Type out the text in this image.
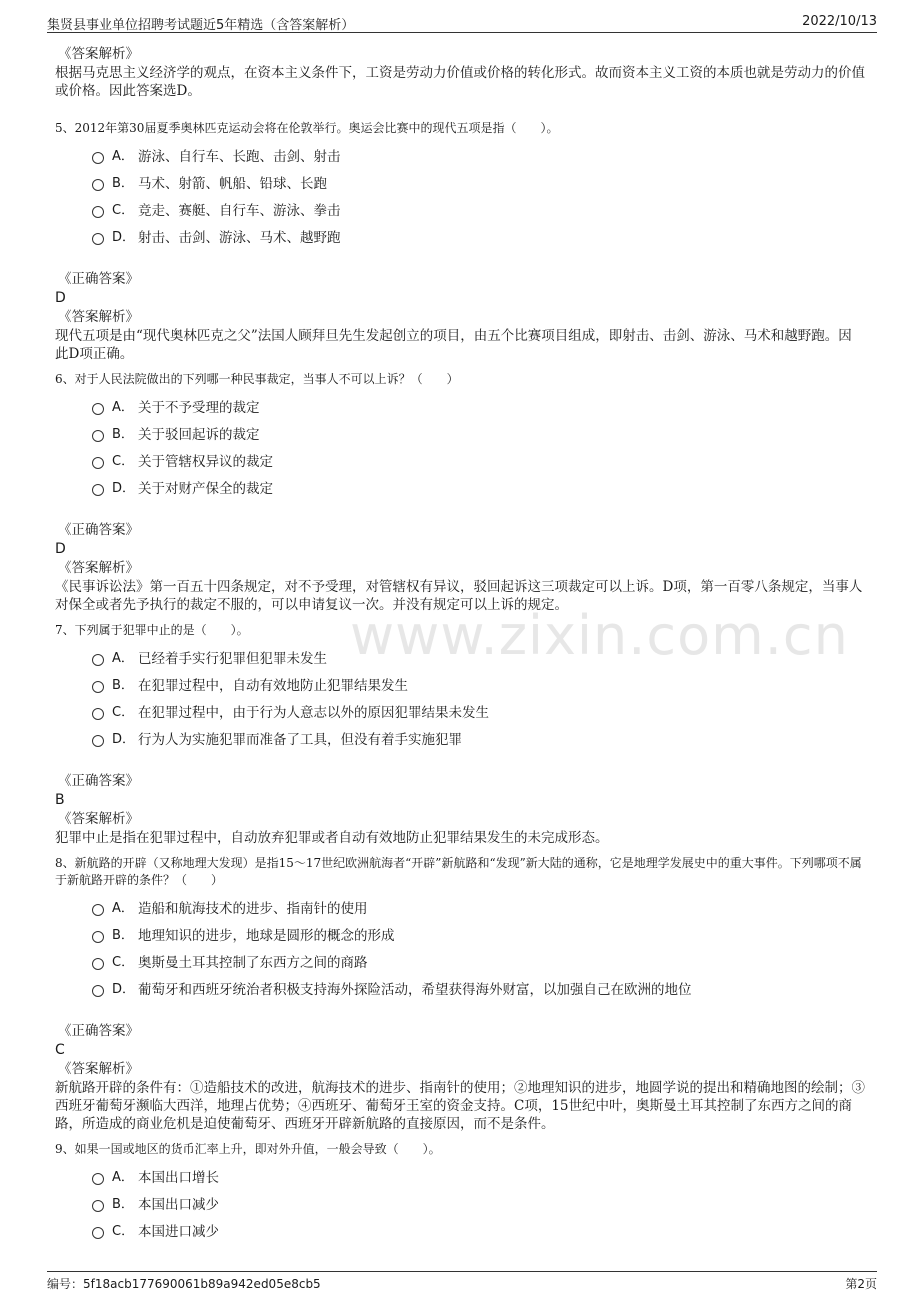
集贤县事业单位招聘考试题近5年精选（含答案解析）	2022/10/13
www.zixin.com.cn
《答案解析》
根据马克思主义经济学的观点，在资本主义条件下，工资是劳动力价值或价格的转化形式。故而资本主义工资的本质也就是劳动力的价值或价格。因此答案选D。
5、2012年第30届夏季奥林匹克运动会将在伦敦举行。奥运会比赛中的现代五项是指（　　）。
A． 游泳、自行车、长跑、击剑、射击
B． 马术、射箭、帆船、铅球、长跑
C． 竞走、赛艇、自行车、游泳、拳击
D． 射击、击剑、游泳、马术、越野跑
《正确答案》
D
《答案解析》
现代五项是由“现代奥林匹克之父”法国人顾拜旦先生发起创立的项目，由五个比赛项目组成，即射击、击剑、游泳、马术和越野跑。因此D项正确。
6、对于人民法院做出的下列哪一种民事裁定，当事人不可以上诉？（　　）
A． 关于不予受理的裁定
B． 关于驳回起诉的裁定
C． 关于管辖权异议的裁定
D． 关于对财产保全的裁定
《正确答案》
D
《答案解析》
《民事诉讼法》第一百五十四条规定，对不予受理，对管辖权有异议，驳回起诉这三项裁定可以上诉。D项，第一百零八条规定，当事人对保全或者先予执行的裁定不服的，可以申请复议一次。并没有规定可以上诉的规定。
7、下列属于犯罪中止的是（　　）。
A． 已经着手实行犯罪但犯罪未发生
B． 在犯罪过程中，自动有效地防止犯罪结果发生
C． 在犯罪过程中，由于行为人意志以外的原因犯罪结果未发生
D． 行为人为实施犯罪而准备了工具，但没有着手实施犯罪
《正确答案》
B
《答案解析》
犯罪中止是指在犯罪过程中，自动放弃犯罪或者自动有效地防止犯罪结果发生的未完成形态。
8、新航路的开辟（又称地理大发现）是指15～17世纪欧洲航海者“开辟”新航路和“发现”新大陆的通称，它是地理学发展史中的重大事件。下列哪项不属于新航路开辟的条件？（　　）
A． 造船和航海技术的进步、指南针的使用
B． 地理知识的进步，地球是圆形的概念的形成
C． 奥斯曼土耳其控制了东西方之间的商路
D． 葡萄牙和西班牙统治者积极支持海外探险活动，希望获得海外财富，以加强自己在欧洲的地位
《正确答案》
C
《答案解析》
新航路开辟的条件有：①造船技术的改进，航海技术的进步、指南针的使用；②地理知识的进步，地圆学说的提出和精确地图的绘制；③西班牙葡萄牙濒临大西洋，地理占优势；④西班牙、葡萄牙王室的资金支持。C项，15世纪中叶，奥斯曼土耳其控制了东西方之间的商路，所造成的商业危机是迫使葡萄牙、西班牙开辟新航路的直接原因，而不是条件。
9、如果一国或地区的货币汇率上升，即对外升值，一般会导致（　　）。
A． 本国出口增长
B． 本国出口减少
C． 本国进口减少
编号：5f18acb177690061b89a942ed05e8cb5	第2页
